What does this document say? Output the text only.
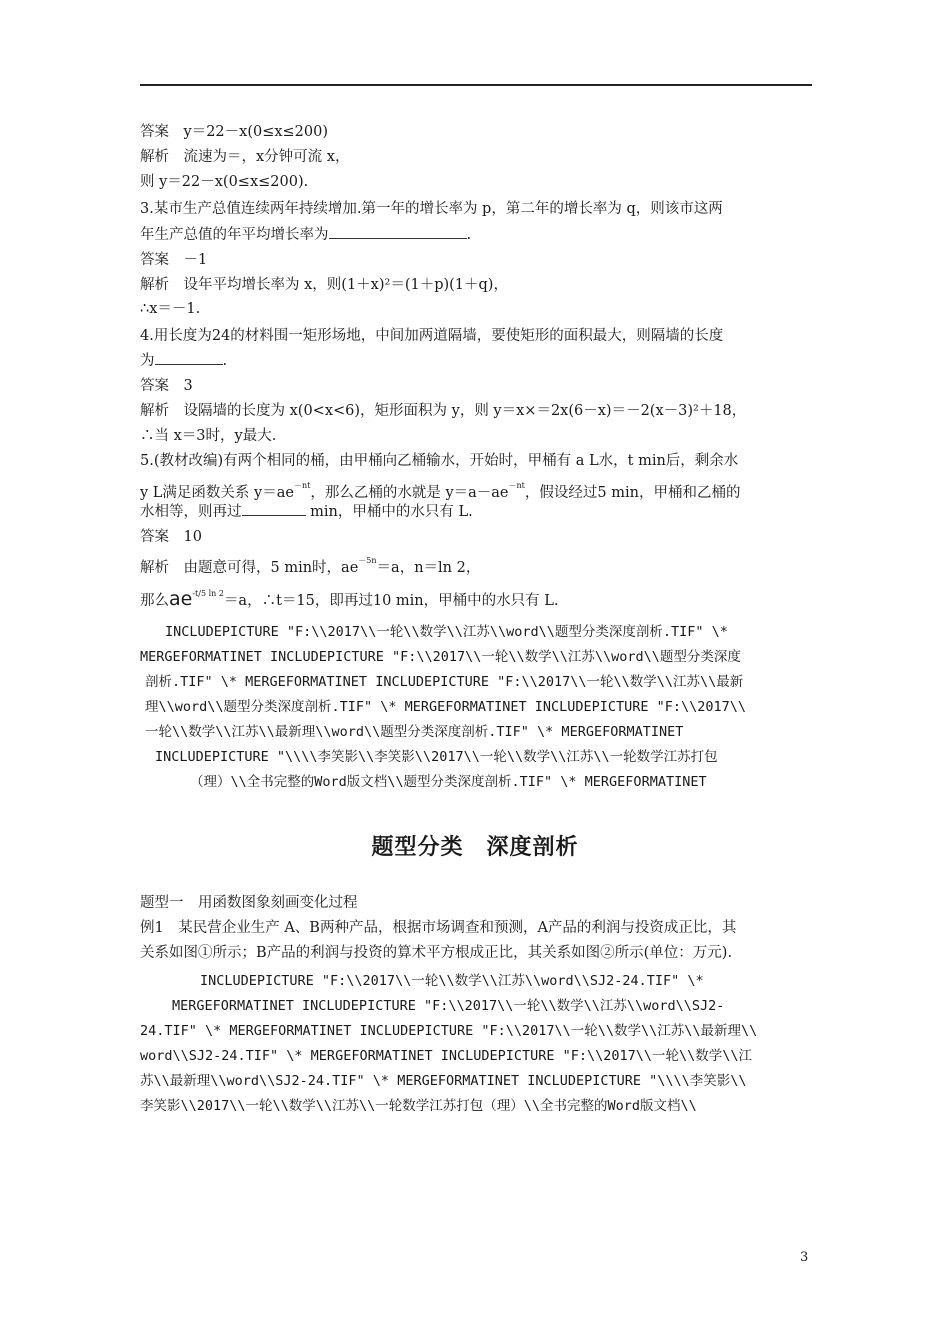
答案　y＝22－x(0≤x≤200)
解析　流速为＝，x分钟可流 x，
则 y＝22－x(0≤x≤200).
3.某市生产总值连续两年持续增加.第一年的增长率为 p，第二年的增长率为 q，则该市这两
年生产总值的年平均增长率为	.
答案　－1
解析　设年平均增长率为 x，则(1＋x)²＝(1＋p)(1＋q)，
∴x＝－1.
4.用长度为24的材料围一矩形场地，中间加两道隔墙，要使矩形的面积最大，则隔墙的长度
为	.
答案　3
解析　设隔墙的长度为 x(0<x<6)，矩形面积为 y，则 y＝x×＝2x(6－x)＝－2(x－3)²＋18，
∴当 x＝3时，y最大.
5.(教材改编)有两个相同的桶，由甲桶向乙桶输水，开始时，甲桶有 a L水，t min后，剩余水
y L满足函数关系 $y=ae^{-nt}$，那么乙桶的水就是 $y=a-ae^{-nt}$，假设经过5 min，甲桶和乙桶的
水相等，则再过	min，甲桶中的水只有 L.
答案　10
解析　由题意可得，5 min时，$ae^{-5n}=a$，n＝ln 2，
那么$ae^{-t/5 ln 2}=a$，∴t＝15，即再过10 min，甲桶中的水只有 L.
INCLUDEPICTURE "F:\\2017\\一轮\\数学\\江苏\\word\\题型分类深度剖析.TIF" \*
MERGEFORMATINET INCLUDEPICTURE "F:\\2017\\一轮\\数学\\江苏\\word\\题型分类深度
剖析.TIF" \* MERGEFORMATINET INCLUDEPICTURE "F:\\2017\\一轮\\数学\\江苏\\最新
理\\word\\题型分类深度剖析.TIF" \* MERGEFORMATINET INCLUDEPICTURE "F:\\2017\\
一轮\\数学\\江苏\\最新理\\word\\题型分类深度剖析.TIF" \* MERGEFORMATINET
INCLUDEPICTURE "\\\\李笑影\\李笑影\\2017\\一轮\\数学\\江苏\\一轮数学江苏打包
（理）\\全书完整的Word版文档\\题型分类深度剖析.TIF" \* MERGEFORMATINET
题型分类　深度剖析
题型一　用函数图象刻画变化过程
例1　某民营企业生产 A、B两种产品，根据市场调查和预测，A产品的利润与投资成正比，其
关系如图①所示；B产品的利润与投资的算术平方根成正比，其关系如图②所示(单位：万元).
INCLUDEPICTURE "F:\\2017\\一轮\\数学\\江苏\\word\\SJ2-24.TIF" \*
MERGEFORMATINET INCLUDEPICTURE "F:\\2017\\一轮\\数学\\江苏\\word\\SJ2-
24.TIF" \* MERGEFORMATINET INCLUDEPICTURE "F:\\2017\\一轮\\数学\\江苏\\最新理\\
word\\SJ2-24.TIF" \* MERGEFORMATINET INCLUDEPICTURE "F:\\2017\\一轮\\数学\\江
苏\\最新理\\word\\SJ2-24.TIF" \* MERGEFORMATINET INCLUDEPICTURE "\\\\李笑影\\
李笑影\\2017\\一轮\\数学\\江苏\\一轮数学江苏打包（理）\\全书完整的Word版文档\\
3
